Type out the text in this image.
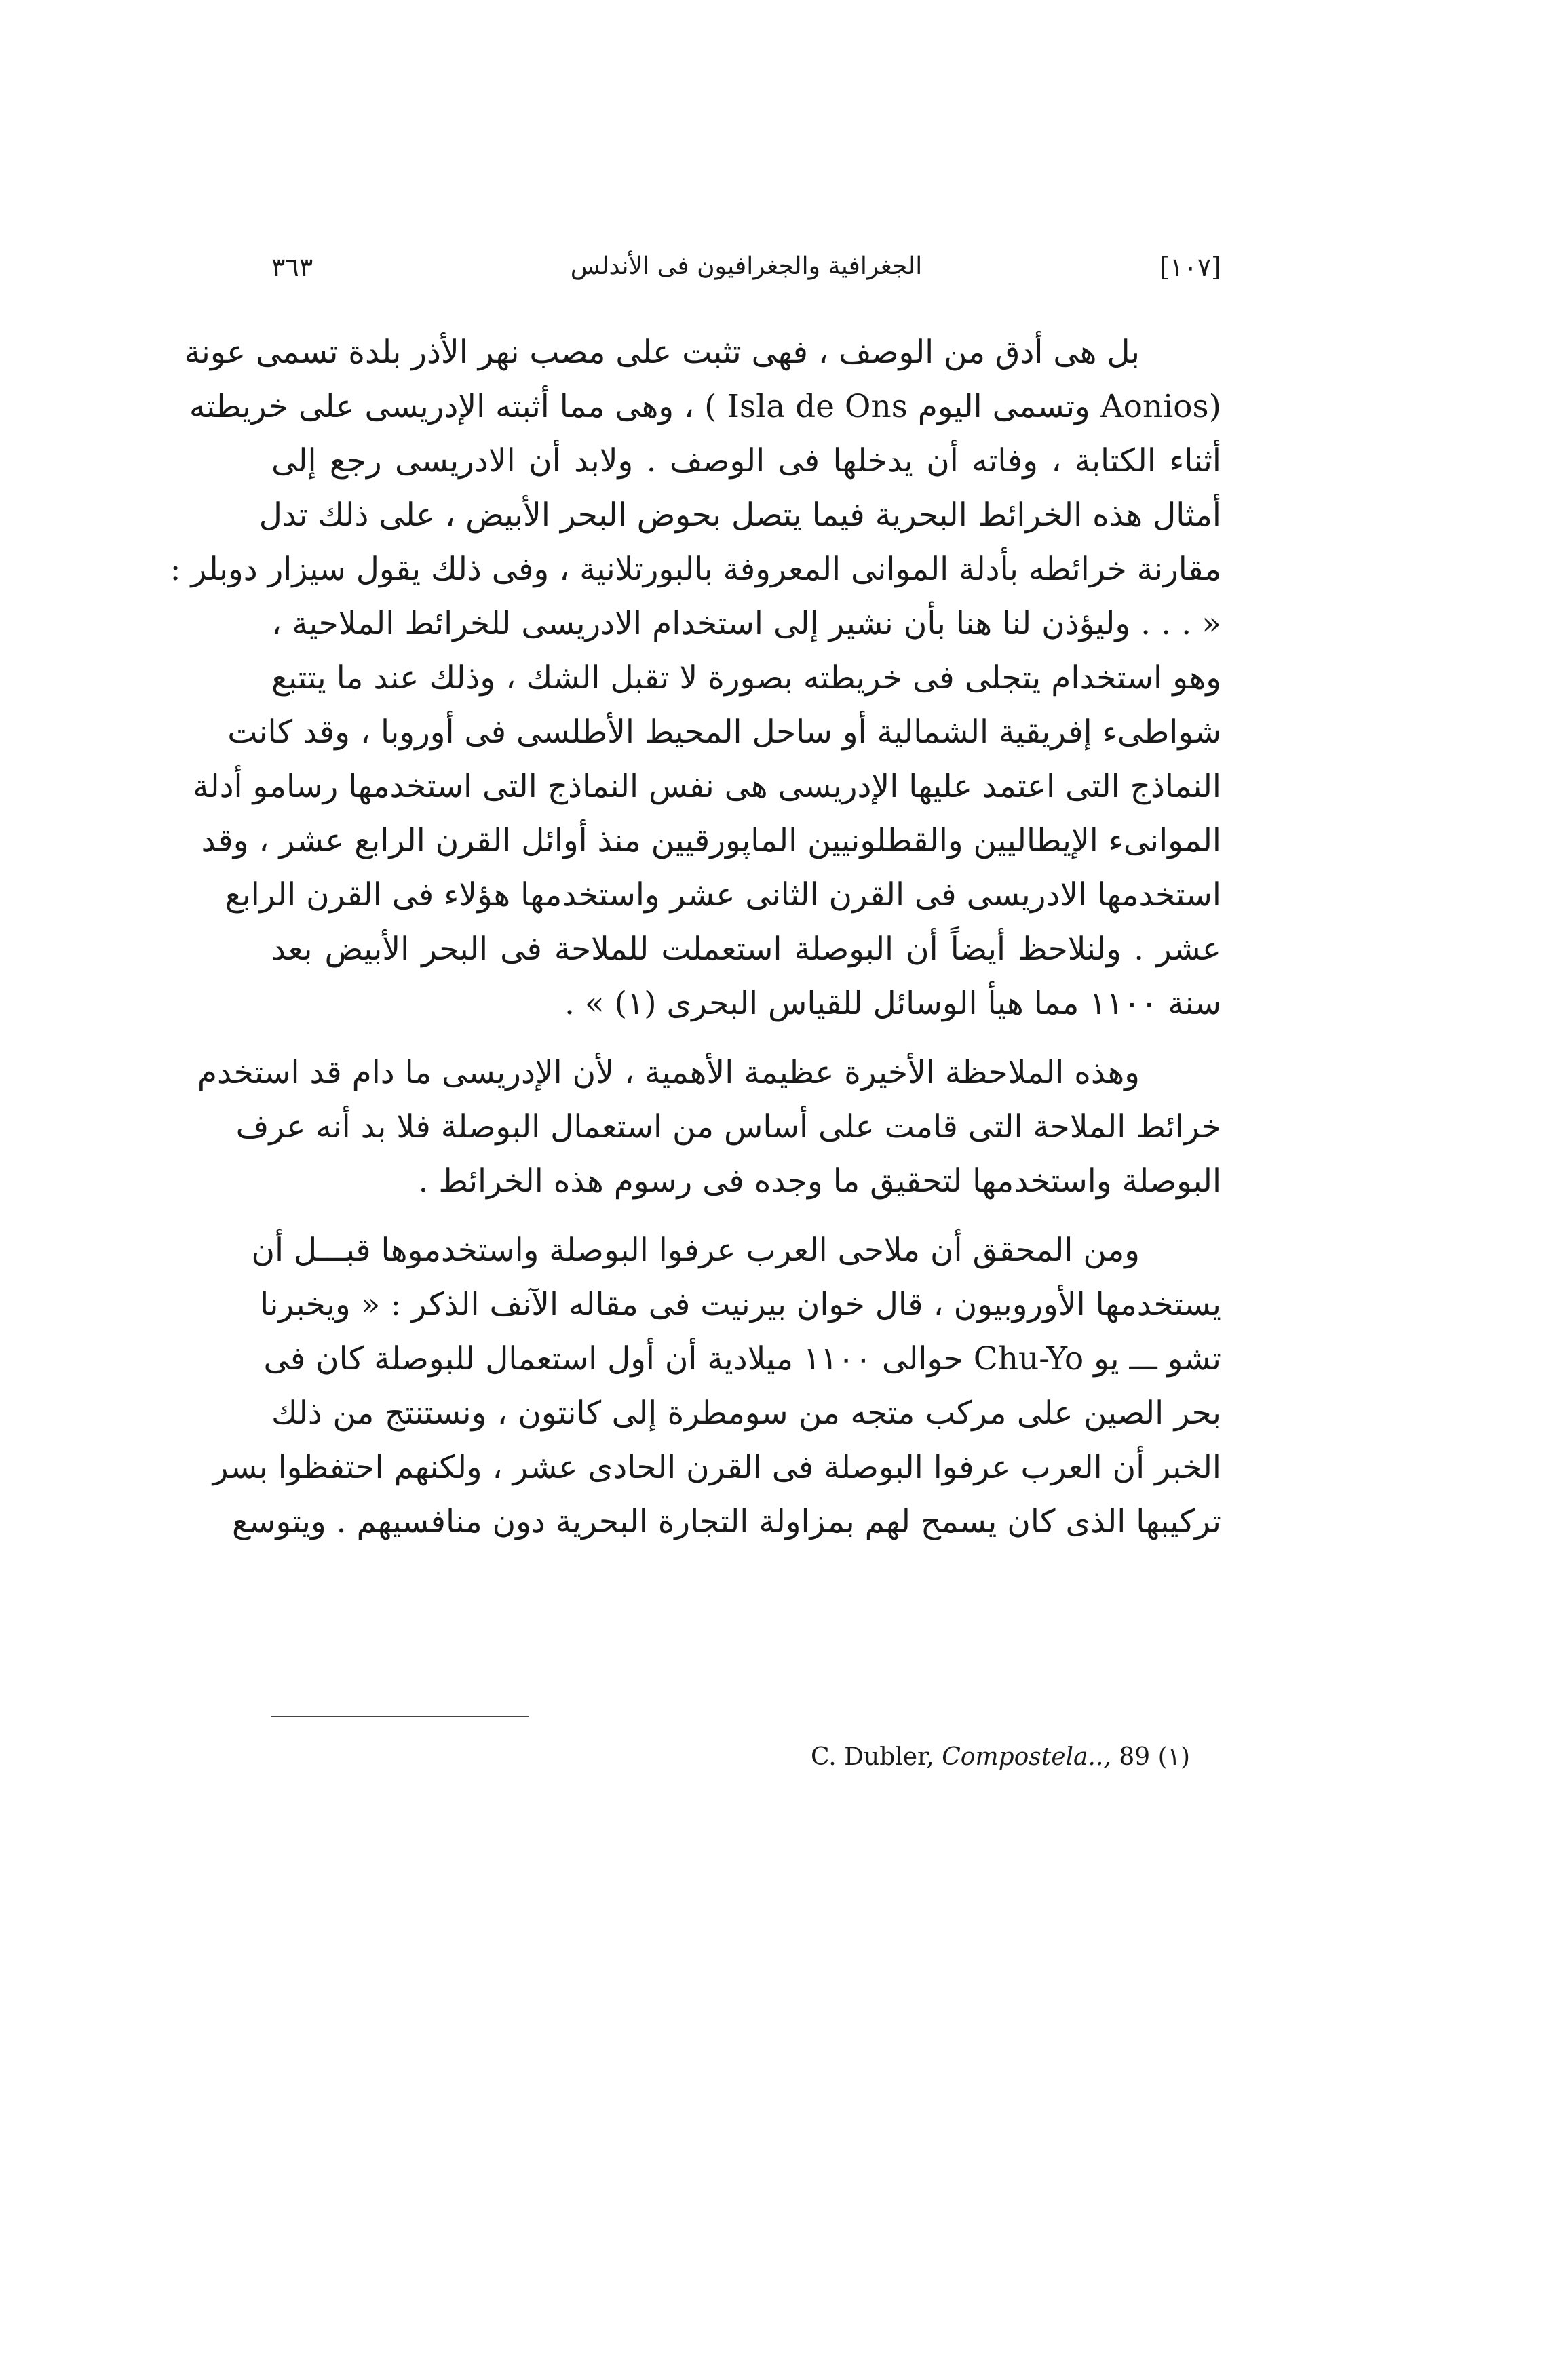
٣٦٣	الجغرافية والجغرافيون فى الأندلس	[١٠٧]
بل هى أدق من الوصف ، فهى تثبت على مصب نهر الأذر بلدة تسمى عونة
(Aonios وتسمى اليوم Isla de Ons ) ، وهى مما أثبته الإدريسى على خريطته
أثناء الكتابة ، وفاته أن يدخلها فى الوصف . ولابد أن الادريسى رجع إلى
أمثال هذه الخرائط البحرية فيما يتصل بحوض البحر الأبيض ، على ذلك تدل
مقارنة خرائطه بأدلة الموانى المعروفة بالبورتلانية ، وفى ذلك يقول سيزار دوبلر :
« . . . وليؤذن لنا هنا بأن نشير إلى استخدام الادريسى للخرائط الملاحية ،
وهو استخدام يتجلى فى خريطته بصورة لا تقبل الشك ، وذلك عند ما يتتبع
شواطىء إفريقية الشمالية أو ساحل المحيط الأطلسى فى أوروبا ، وقد كانت
النماذج التى اعتمد عليها الإدريسى هى نفس النماذج التى استخدمها رسامو أدلة
الموانىء الإيطاليين والقطلونيين الماپورقيين منذ أوائل القرن الرابع عشر ، وقد
استخدمها الادريسى فى القرن الثانى عشر واستخدمها هؤلاء فى القرن الرابع
عشر . ولنلاحظ أيضاً أن البوصلة استعملت للملاحة فى البحر الأبيض بعد
سنة ١١٠٠ مما هيأ الوسائل للقياس البحرى (١) » .
وهذه الملاحظة الأخيرة عظيمة الأهمية ، لأن الإدريسى ما دام قد استخدم
خرائط الملاحة التى قامت على أساس من استعمال البوصلة فلا بد أنه عرف
البوصلة واستخدمها لتحقيق ما وجده فى رسوم هذه الخرائط .
ومن المحقق أن ملاحى العرب عرفوا البوصلة واستخدموها قبـــل أن
يستخدمها الأوروبيون ، قال خوان بيرنيت فى مقاله الآنف الذكر : « ويخبرنا
تشو ـــ يو Chu-Yo حوالى ١١٠٠ ميلادية أن أول استعمال للبوصلة كان فى
بحر الصين على مركب متجه من سومطرة إلى كانتون ، ونستنتج من ذلك
الخبر أن العرب عرفوا البوصلة فى القرن الحادى عشر ، ولكنهم احتفظوا بسر
تركيبها الذى كان يسمح لهم بمزاولة التجارة البحرية دون منافسيهم . ويتوسع
C. Dubler, Compostela.., 89 (١)
